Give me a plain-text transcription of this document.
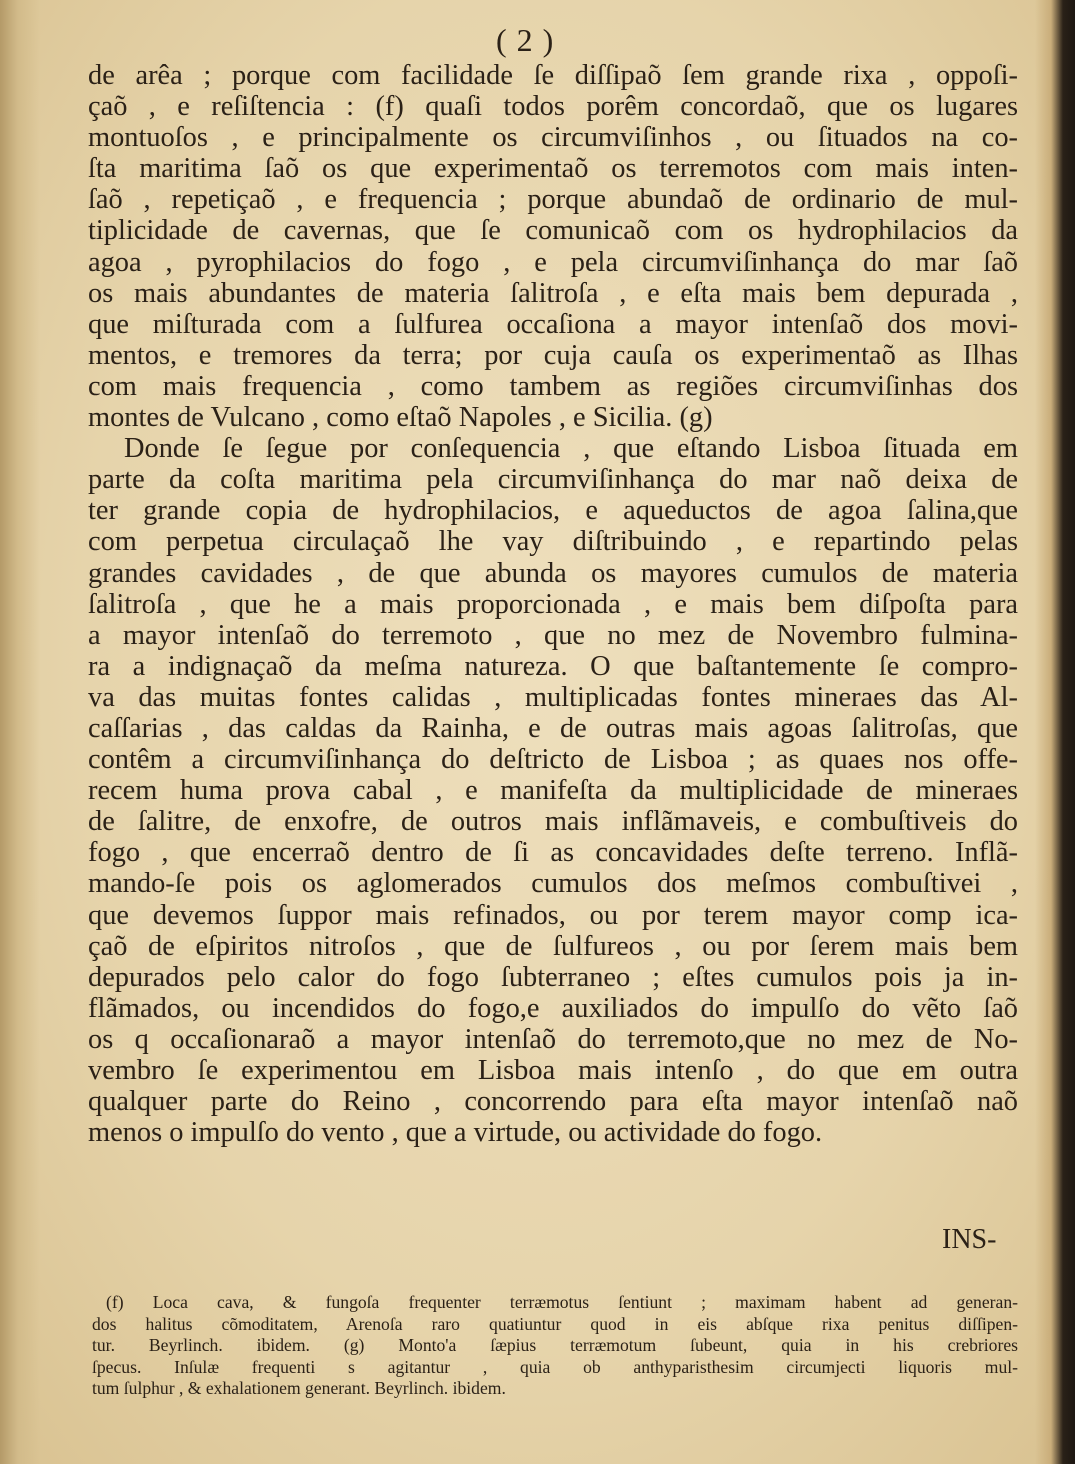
( 2 )
de arêa ; porque com facilidade ſe diſſipaõ ſem grande rixa , oppoſi-
çaõ , e reſiſtencia : (f) quaſi todos porêm concordaõ, que os lugares
montuoſos , e principalmente os circumviſinhos , ou ſituados na co-
ſta maritima ſaõ os que experimentaõ os terremotos com mais inten-
ſaõ , repetiçaõ , e frequencia ; porque abundaõ de ordinario de mul-
tiplicidade de cavernas, que ſe comunicaõ com os hydrophilacios da
agoa , pyrophilacios do fogo , e pela circumviſinhança do mar ſaõ
os mais abundantes de materia ſalitroſa , e eſta mais bem depurada ,
que miſturada com a ſulfurea occaſiona a mayor intenſaõ dos movi-
mentos, e tremores da terra; por cuja cauſa os experimentaõ as Ilhas
com mais frequencia , como tambem as regiões circumviſinhas dos
montes de Vulcano , como eſtaõ Napoles , e Sicilia. (g)
Donde ſe ſegue por conſequencia , que eſtando Lisboa ſituada em
parte da coſta maritima pela circumviſinhança do mar naõ deixa de
ter grande copia de hydrophilacios, e aqueductos de agoa ſalina,que
com perpetua circulaçaõ lhe vay diſtribuindo , e repartindo pelas
grandes cavidades , de que abunda os mayores cumulos de materia
ſalitroſa , que he a mais proporcionada , e mais bem diſpoſta para
a mayor intenſaõ do terremoto , que no mez de Novembro fulmina-
ra a indignaçaõ da meſma natureza. O que baſtantemente ſe compro-
va das muitas fontes calidas , multiplicadas fontes mineraes das Al-
caſſarias , das caldas da Rainha, e de outras mais agoas ſalitroſas, que
contêm a circumviſinhança do deſtricto de Lisboa ; as quaes nos offe-
recem huma prova cabal , e manifeſta da multiplicidade de mineraes
de ſalitre, de enxofre, de outros mais inflãmaveis, e combuſtiveis do
fogo , que encerraõ dentro de ſi as concavidades deſte terreno. Inflã-
mando-ſe pois os aglomerados cumulos dos meſmos combuſtivei ,
que devemos ſuppor mais refinados, ou por terem mayor comp ica-
çaõ de eſpiritos nitroſos , que de ſulfureos , ou por ſerem mais bem
depurados pelo calor do fogo ſubterraneo ; eſtes cumulos pois ja in-
flãmados, ou incendidos do fogo,e auxiliados do impulſo do vẽto ſaõ
os q occaſionaraõ a mayor intenſaõ do terremoto,que no mez de No-
vembro ſe experimentou em Lisboa mais intenſo , do que em outra
qualquer parte do Reino , concorrendo para eſta mayor intenſaõ naõ
menos o impulſo do vento , que a virtude, ou actividade do fogo.
INS-
(f) Loca cava, & fungoſa frequenter terræmotus ſentiunt ; maximam habent ad generan-
dos halitus cõmoditatem, Arenoſa raro quatiuntur quod in eis abſque rixa penitus diſſipen-
tur. Beyrlinch. ibidem. (g) Monto'a ſæpius terræmotum ſubeunt, quia in his crebriores
ſpecus. Inſulæ frequenti s agitantur , quia ob anthyparisthesim circumjecti liquoris mul-
tum ſulphur , & exhalationem generant. Beyrlinch. ibidem.
